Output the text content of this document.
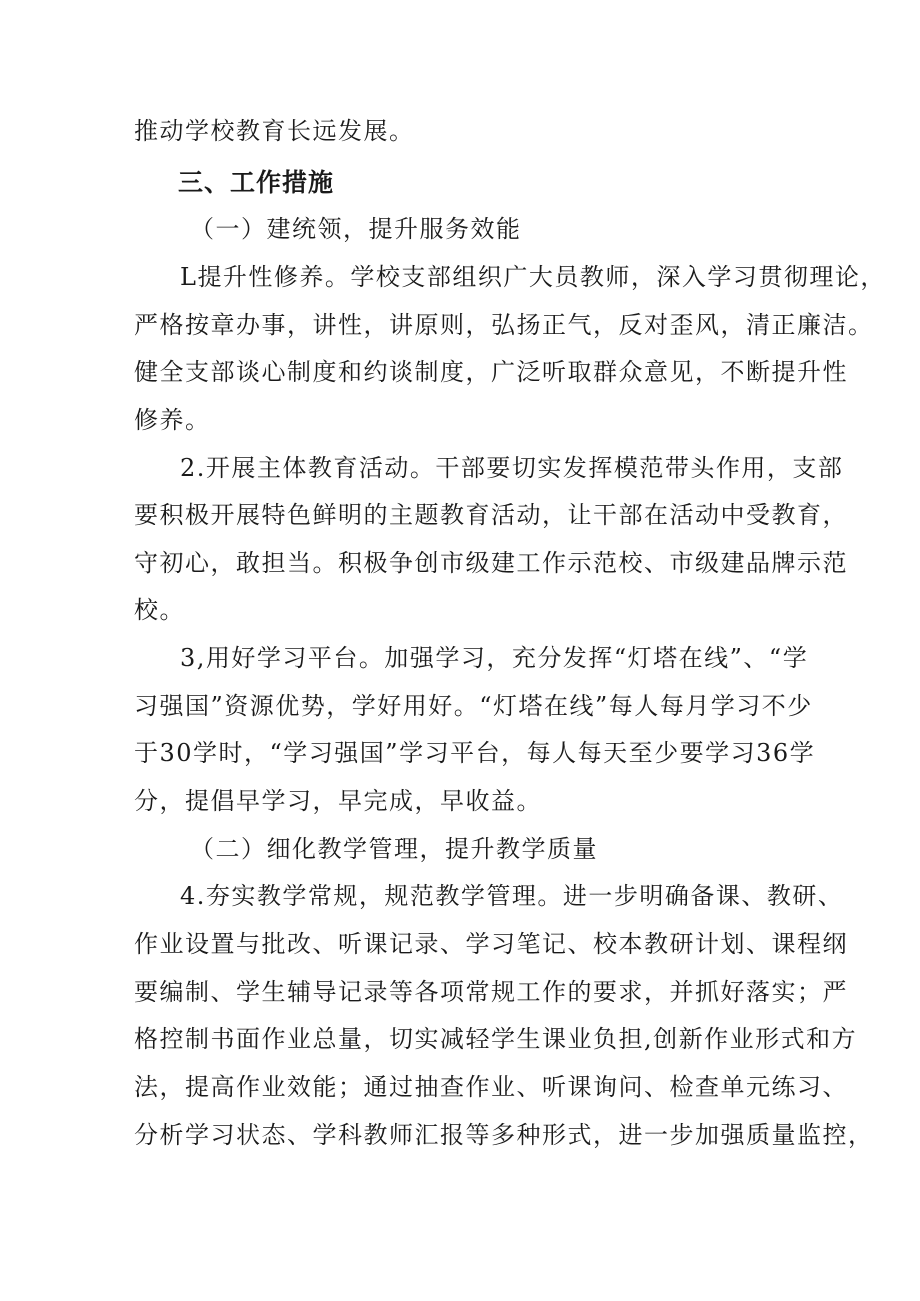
推动学校教育长远发展。
三、工作措施
（一）建统领，提升服务效能
L提升性修养。学校支部组织广大员教师，深入学习贯彻理论，
严格按章办事，讲性，讲原则，弘扬正气，反对歪风，清正廉洁。
健全支部谈心制度和约谈制度，广泛听取群众意见，不断提升性
修养。
2.开展主体教育活动。干部要切实发挥模范带头作用，支部
要积极开展特色鲜明的主题教育活动，让干部在活动中受教育，
守初心，敢担当。积极争创市级建工作示范校、市级建品牌示范
校。
3,用好学习平台。加强学习，充分发挥“灯塔在线”、“学
习强国”资源优势，学好用好。“灯塔在线”每人每月学习不少
于30学时，“学习强国”学习平台，每人每天至少要学习36学
分，提倡早学习，早完成，早收益。
（二）细化教学管理，提升教学质量
4.夯实教学常规，规范教学管理。进一步明确备课、教研、
作业设置与批改、听课记录、学习笔记、校本教研计划、课程纲
要编制、学生辅导记录等各项常规工作的要求，并抓好落实；严
格控制书面作业总量，切实减轻学生课业负担,创新作业形式和方
法，提高作业效能；通过抽查作业、听课询问、检查单元练习、
分析学习状态、学科教师汇报等多种形式，进一步加强质量监控，
